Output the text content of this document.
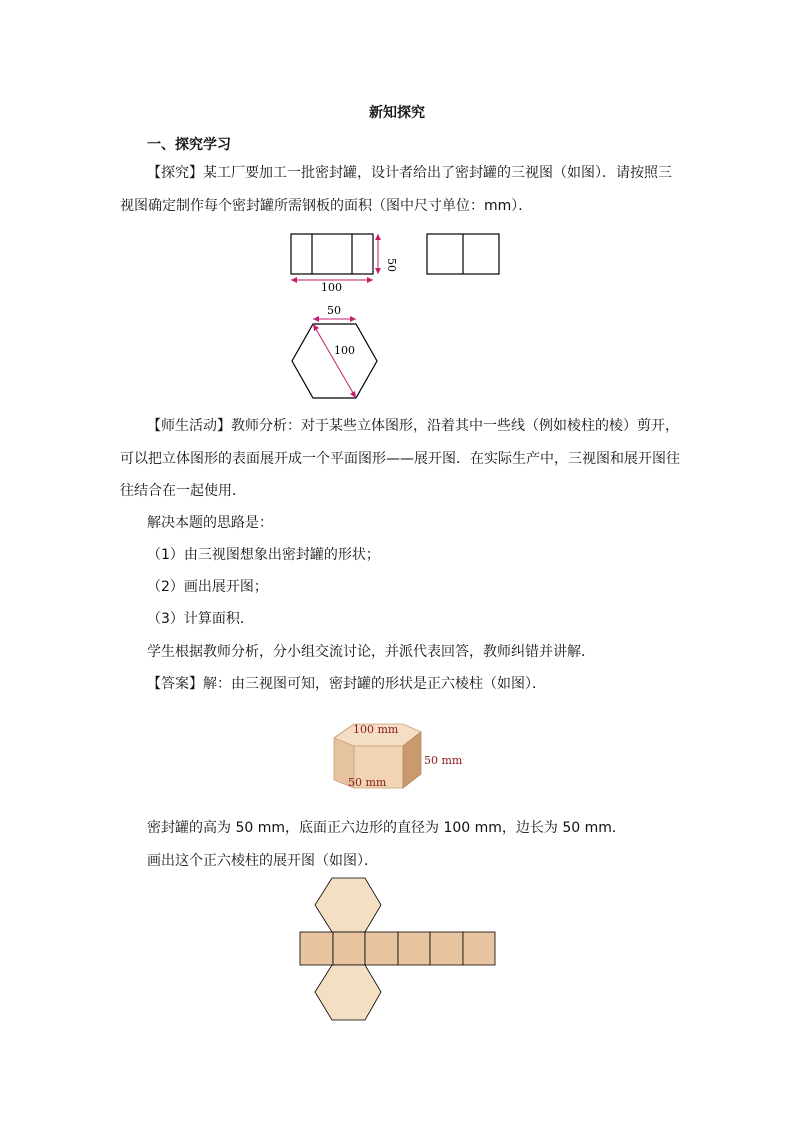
新知探究
一、探究学习
【探究】某工厂要加工一批密封罐，设计者给出了密封罐的三视图（如图）．请按照三
视图确定制作每个密封罐所需钢板的面积（图中尺寸单位：mm）．
50
100
50
100
【师生活动】教师分析：对于某些立体图形，沿着其中一些线（例如棱柱的棱）剪开，
可以把立体图形的表面展开成一个平面图形——展开图．在实际生产中，三视图和展开图往
往结合在一起使用．
解决本题的思路是：
（1）由三视图想象出密封罐的形状；
（2）画出展开图；
（3）计算面积．
学生根据教师分析，分小组交流讨论，并派代表回答，教师纠错并讲解．
【答案】解：由三视图可知，密封罐的形状是正六棱柱（如图）．
100 mm
50 mm
50 mm
密封罐的高为 50 mm，底面正六边形的直径为 100 mm，边长为 50 mm．
画出这个正六棱柱的展开图（如图）．
